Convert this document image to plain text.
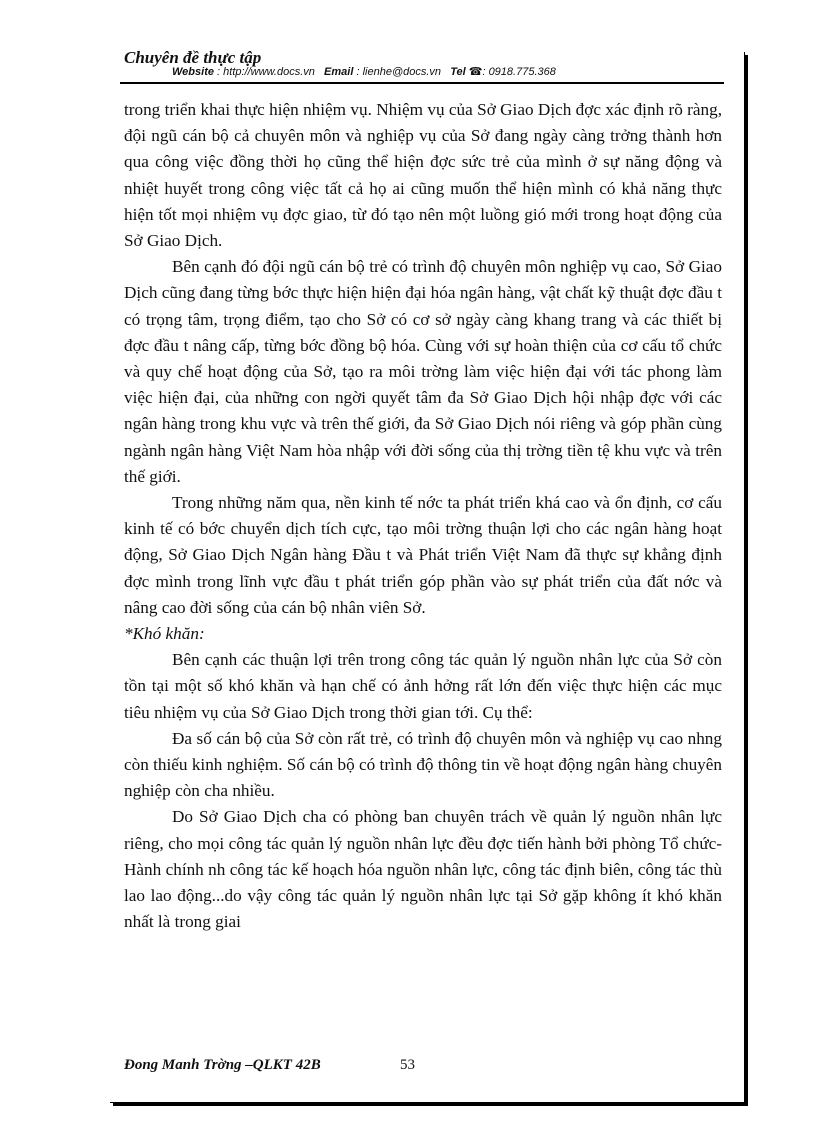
Chuyên đề thực tập
Website : http://www.docs.vn Email : lienhe@docs.vn Tel ☎: 0918.775.368

trong triển khai thực hiện nhiệm vụ. Nhiệm vụ của Sở Giao Dịch đợc xác định rõ ràng, đội ngũ cán bộ cả chuyên môn và nghiệp vụ của Sở đang ngày càng trởng thành hơn qua công việc đồng thời họ cũng thể hiện đợc sức trẻ của mình ở sự năng động và nhiệt huyết trong công việc tất cả họ ai cũng muốn thể hiện mình có khả năng thực hiện tốt mọi nhiệm vụ đợc giao, từ đó tạo nên một luồng gió mới trong hoạt động của Sở Giao Dịch.

Bên cạnh đó đội ngũ cán bộ trẻ có trình độ chuyên môn nghiệp vụ cao, Sở Giao Dịch cũng đang từng bớc thực hiện hiện đại hóa ngân hàng, vật chất kỹ thuật đợc đầu t có trọng tâm, trọng điểm, tạo cho Sở có cơ sở ngày càng khang trang và các thiết bị đợc đầu t nâng cấp, từng bớc đồng bộ hóa. Cùng với sự hoàn thiện của cơ cấu tổ chức và quy chế hoạt động của Sở, tạo ra môi trờng làm việc hiện đại với tác phong làm việc hiện đại, của những con ngời quyết tâm đa Sở Giao Dịch hội nhập đợc với các ngân hàng trong khu vực và trên thế giới, đa Sở Giao Dịch nói riêng và góp phần cùng ngành ngân hàng Việt Nam hòa nhập với đời sống của thị trờng tiền tệ khu vực và trên thế giới.

Trong những năm qua, nền kinh tế nớc ta phát triển khá cao và ổn định, cơ cấu kinh tế có bớc chuyển dịch tích cực, tạo môi trờng thuận lợi cho các ngân hàng hoạt động, Sở Giao Dịch Ngân hàng Đầu t và Phát triển Việt Nam đã thực sự khẳng định đợc mình trong lĩnh vực đầu t phát triển góp phần vào sự phát triển của đất nớc và nâng cao đời sống của cán bộ nhân viên Sở.

*Khó khăn:

Bên cạnh các thuận lợi trên trong công tác quản lý nguồn nhân lực của Sở còn tồn tại một số khó khăn và hạn chế có ảnh hởng rất lớn đến việc thực hiện các mục tiêu nhiệm vụ của Sở Giao Dịch trong thời gian tới. Cụ thể:

Đa số cán bộ của Sở còn rất trẻ, có trình độ chuyên môn và nghiệp vụ cao nhng còn thiếu kinh nghiệm. Số cán bộ có trình độ thông tin về hoạt động ngân hàng chuyên nghiệp còn cha nhiều.

Do Sở Giao Dịch cha có phòng ban chuyên trách về quản lý nguồn nhân lực riêng, cho mọi công tác quản lý nguồn nhân lực đều đợc tiến hành bởi phòng Tổ chức-Hành chính nh công tác kế hoạch hóa nguồn nhân lực, công tác định biên, công tác thù lao lao động...do vậy công tác quản lý nguồn nhân lực tại Sở gặp không ít khó khăn nhất là trong giai

Đong Manh Trờng –QLKT 42B	53
